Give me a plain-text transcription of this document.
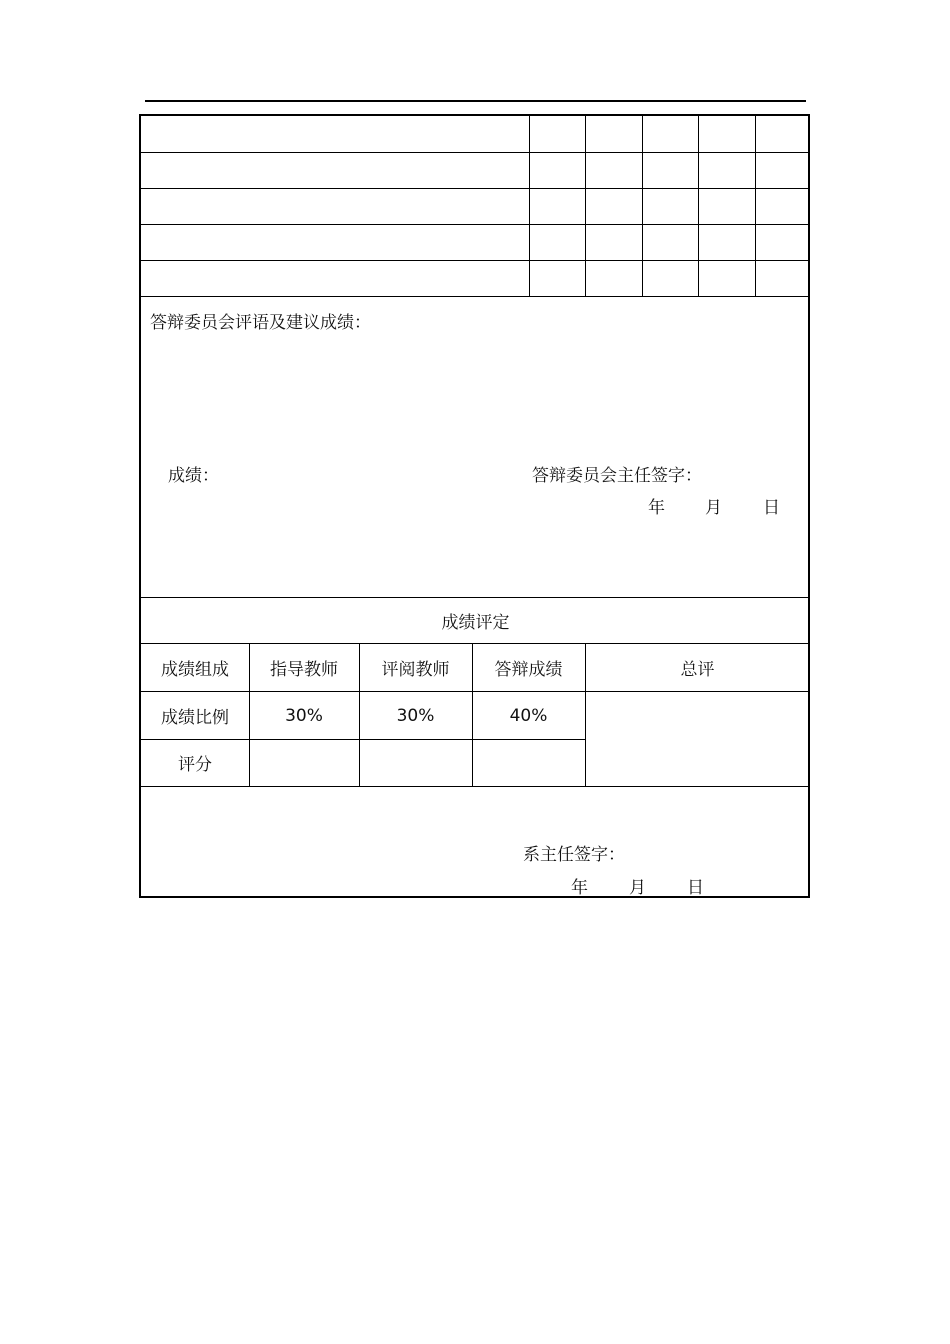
答辩委员会评语及建议成绩：
成绩：	答辩委员会主任签字：
年 月 日
成绩评定
成绩组成	指导教师	评阅教师	答辩成绩	总评
成绩比例	30%	30%	40%
评分
系主任签字：
年 月 日
